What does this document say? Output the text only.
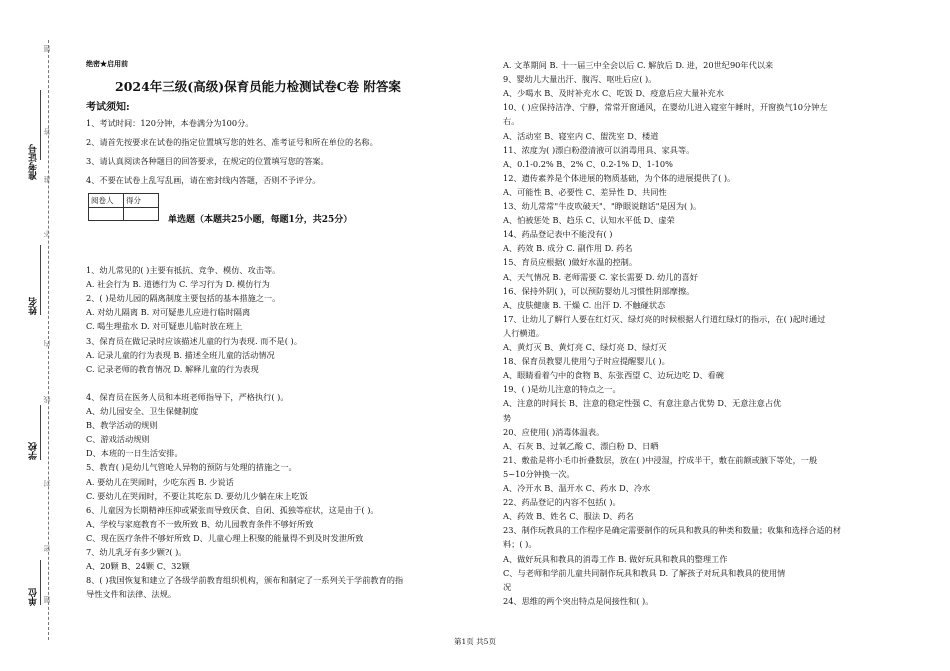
题
答
准考证号 准
不
姓名
内
线
学校
封
密
单位 题
绝密★启用前
2024年三级(高级)保育员能力检测试卷C卷 附答案
考试须知:
1、考试时间：120分钟，本卷满分为100分。
2、请首先按要求在试卷的指定位置填写您的姓名、准考证号和所在单位的名称。
3、请认真阅读各种题目的回答要求，在规定的位置填写您的答案。
4、不要在试卷上乱写乱画，请在密封线内答题，否则不予评分。
阅卷人	得分

单选题（本题共25小题，每题1分，共25分）
1、幼儿常见的( )主要有抵抗、竞争、模仿、攻击等。
A. 社会行为 B. 道德行为 C. 学习行为 D. 模仿行为
2、( )是幼儿园的隔离制度主要包括的基本措施之一。
A. 对幼儿隔离 B. 对可疑患儿应进行临时隔离
C. 喝生理盐水 D. 对可疑患儿临时放在班上
3、保育员在做记录时应该描述儿童的行为表现. 而不是( )。
A. 记录儿童的行为表现 B. 描述全班儿童的活动情况
C. 记录老师的教育情况 D. 解释儿童的行为表现
4、保育员在医务人员和本班老师指导下，严格执行( )。
A、幼儿园安全、卫生保健制度
B、教学活动的规则
C、游戏活动规则
D、本班的一日生活安排。
5、教育( )是幼儿气管呛人异物的预防与处理的措施之一。
A. 要幼儿在哭闹时，少吃东西 B. 少说话
C. 要幼儿在哭闹时，不要让其吃东 D. 要幼儿少躺在床上吃饭
6、儿童因为长期精神压抑或紧张而导致厌食、自闭、孤独等症状，这是由于( )。
A、学校与家庭教育不一致所致 B、幼儿园教育条件不够好所致
C、现在医疗条件不够好所致 D、儿童心理上积聚的能量得不到及时发泄所致
7、幼儿乳牙有多少颗?( )。
A、20颗 B、24颗 C、32颗
8、( )我国恢复和建立了各级学前教育组织机构，颁布和制定了一系列关于学前教育的指
导性文件和法律、法规。
A. 文革期间 B. 十一届三中全会以后 C. 解放后 D. 进，20世纪90年代以来
9、婴幼儿大量出汗、腹泻、呕吐后应( )。
A、少喝水 B、及时补充水 C、吃饭 D、疫意后应大量补充水
10、( )应保持洁净、宁静，常常开窗通风，在婴幼儿进入寝室午睡时，开窗换气10分钟左
右。
A、活动室 B、寝室内 C、盥洗室 D、楼道
11、浓度为( )漂白粉澄清液可以消毒用具、家具等。
A、0.1-0.2% B、2% C、0.2-1% D、1-10%
12、遗传素养是个体进展的物质基础，为个体的进展提供了( )。
A、可能性 B、必要性 C、差异性 D、共同性
13、幼儿常常"牛皮吹破天"、"睁眼说瞎话"是因为( )。
A、怕被惩处 B、趋乐 C、认知水平低 D、虚荣
14、药品登记表中不能没有( )
A、药效 B. 成分 C. 副作用 D. 药名
15、育员应根据( )做好水温的控制。
A、天气情况 B. 老师需要 C. 家长需要 D. 幼儿的喜好
16、保持外阴( )，可以预防婴幼儿习惯性阴部摩擦。
A、皮肤健康 B. 干燥 C. 出汗 D. 不触碰状态
17、让幼儿了解行人要在红灯灭、绿灯亮的时候根据人行道红绿灯的指示，在( )起时通过
人行横道。
A、黄灯灭 B、黄灯亮 C、绿灯亮 D、绿灯灭
18、保育员教婴儿使用勺子时应提醒婴儿( )。
A、眼睛看着勺中的食物 B、东张西望 C、边玩边吃 D、看碗
19、( )是幼儿注意的特点之一。
A、注意的时间长 B、注意的稳定性强 C、有意注意占优势 D、无意注意占优
势
20、应使用( )消毒体温表。
A、石灰 B、过氧乙酸 C、漂白粉 D、日晒
21、敷盐是将小毛巾折叠数层，放在( )中浸湿，拧成半干，敷在前额或腋下等处，一般
5~10分钟换一次。
A、冷开水 B、温开水 C、药水 D、冷水
22、药品登记的内容不包括( )。
A、药效 B、姓名 C、服法 D、药名
23、制作玩教具的工作程序是确定需要制作的玩具和教具的种类和数量；收集和选择合适的材
料；( )。
A、做好玩具和教具的消毒工作 B. 做好玩具和教具的整理工作
C、与老师和学前儿童共同制作玩具和教具 D. 了解孩子对玩具和教具的使用情
况
24、思维的两个突出特点是间接性和( )。
第1页 共5页
